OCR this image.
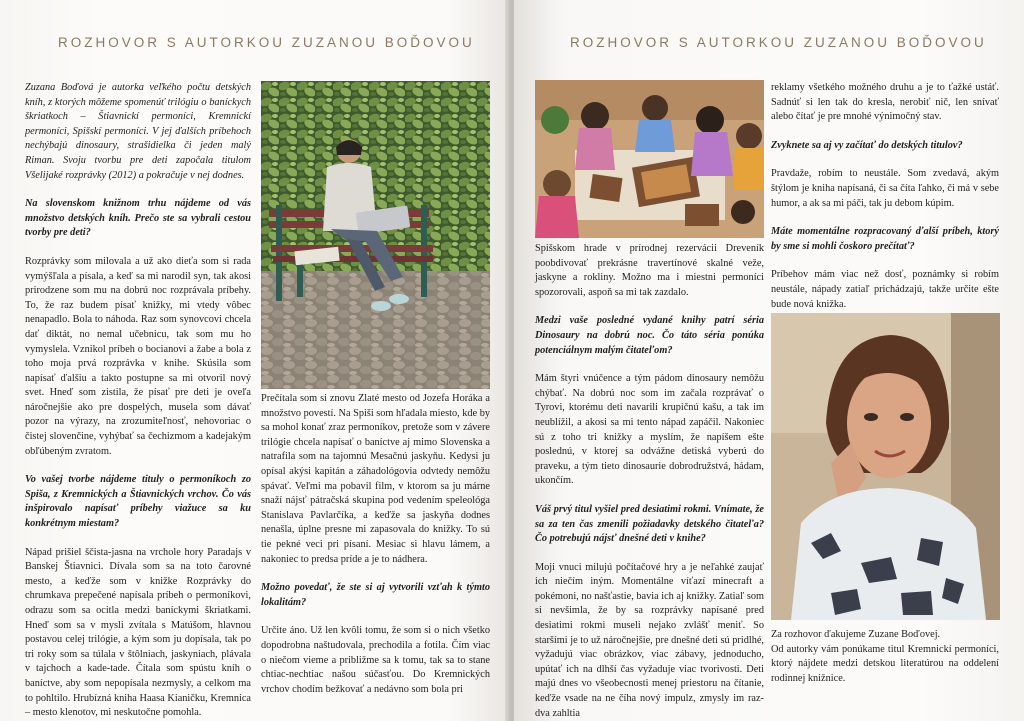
ROZHOVOR S AUTORKOU ZUZANOU BOĎOVOU

Zuzana Boďová je autorka veľkého počtu detských kníh, z ktorých môžeme spomenúť trilógiu o baníckych škriatkoch – Štiavnickí permoníci, Kremnickí permoníci, Spišskí permoníci. V jej ďalších príbehoch nechýbajú dinosaury, strašidielka či jeden malý Riman. Svoju tvorbu pre deti započala titulom Všelijaké rozprávky (2012) a pokračuje v nej dodnes.

Na slovenskom knižnom trhu nájdeme od vás množstvo detských kníh. Prečo ste sa vybrali cestou tvorby pre deti?

Rozprávky som milovala a už ako dieťa som si rada vymýšľala a písala, a keď sa mi narodil syn, tak akosi prirodzene som mu na dobrú noc rozprávala príbehy. To, že raz budem písať knižky, mi vtedy vôbec nenapadlo. Bola to náhoda. Raz som synovcovi chcela dať diktát, no nemal učebnicu, tak som mu ho vymyslela. Vznikol príbeh o bocianovi a žabe a bola z toho moja prvá rozprávka v knihe. Skúsila som napísať ďalšiu a takto postupne sa mi otvoril nový svet. Hneď som zistila, že písať pre deti je oveľa náročnejšie ako pre dospelých, musela som dávať pozor na výrazy, na zrozumiteľnosť, nehovoriac o čistej slovenčine, vyhýbať sa čechizmom a kadejakým obľúbeným zvratom.

Vo vašej tvorbe nájdeme tituly o permoníkoch zo Spiša, z Kremnických a Štiavnických vrchov. Čo vás inšpirovalo napísať príbehy viažuce sa ku konkrétnym miestam?

Nápad prišiel ščista-jasna na vrchole hory Paradajs v Banskej Štiavnici. Dívala som sa na toto čarovné mesto, a keďže som v knižke Rozprávky do chrumkava prepečené napísala príbeh o permoníkovi, odrazu som sa ocitla medzi baníckymi škriatkami. Hneď som sa v mysli zvítala s Matúšom, hlavnou postavou celej trilógie, a kým som ju dopísala, tak po tri roky som sa túlala v štôlniach, jaskyniach, plávala v tajchoch a kade-tade. Čítala som spústu kníh o baníctve, aby som nepopísala nezmysly, a celkom ma to pohltilo. Hrubízná kniha Haasa Kianičku, Kremnica – mesto klenotov, mi neskutočne pomohla.

Prečítala som si znovu Zlaté mesto od Jozefa Horáka a množstvo povestí. Na Spiši som hľadala miesto, kde by sa mohol konať zraz permoníkov, pretože som v závere trilógie chcela napísať o baníctve aj mimo Slovenska a natrafila som na tajomnú Mesačnú jaskyňu. Kedysi ju opísal akýsi kapitán a záhadológovia odvtedy nemôžu spávať. Veľmi ma pobavil film, v ktorom sa ju márne snaží nájsť pátračská skupina pod vedením speleológa Stanislava Pavlarčíka, a keďže sa jaskyňa dodnes nenašla, úplne presne mi zapasovala do knižky. To sú tie pekné veci pri písaní. Mesiac si hlavu lámem, a nakoniec to predsa príde a je to nádhera.

Možno povedať, že ste si aj vytvorili vzťah k týmto lokalitám?

Určite áno. Už len kvôli tomu, že som si o nich všetko dopodrobna naštudovala, prechodila a fotila. Čím viac o niečom vieme a približme sa k tomu, tak sa to stane chtiac-nechtiac našou súčasťou. Do Kremnických vrchov chodím bežkovať a nedávno som bola pri

ROZHOVOR S AUTORKOU ZUZANOU BOĎOVOU

Spišskom hrade v prírodnej rezervácii Dreveník poobdivovať prekrásne travertínové skalné veže, jaskyne a rokliny. Možno ma i miestni permoníci spozorovali, aspoň sa mi tak zazdalo.

Medzi vaše posledné vydané knihy patrí séria Dinosaury na dobrú noc. Čo táto séria ponúka potenciálnym malým čitateľom?

Mám štyri vnúčence a tým pádom dinosaury nemôžu chýbať. Na dobrú noc som im začala rozprávať o Tyrovi, ktorému deti navarili krupičnú kašu, a tak im neublížil, a akosi sa mi tento nápad zapáčil. Nakoniec sú z toho tri knižky a myslím, že napíšem ešte poslednú, v ktorej sa odvážne detiská vyberú do praveku, a tým tieto dinosaurie dobrodružstvá, hádam, ukončím.

Váš prvý titul vyšiel pred desiatimi rokmi. Vnímate, že sa za ten čas zmenili požiadavky detského čitateľa? Čo potrebujú nájsť dnešné deti v knihe?

Moji vnuci milujú počítačové hry a je neľahké zaujať ich niečím iným. Momentálne víťazí minecraft a pokémoni, no našťastie, bavia ich aj knižky. Zatiaľ som si nevšimla, že by sa rozprávky napísané pred desiatimi rokmi museli nejako zvlášť meniť. So staršími je to už náročnejšie, pre dnešné deti sú pridlhé, vyžadujú viac obrázkov, viac zábavy, jednoducho, upútať ich na dlhší čas vyžaduje viac tvorivosti. Deti majú dnes vo všeobecnosti menej priestoru na čítanie, keďže vsade na ne číha nový impulz, zmysly im raz-dva zahltia

reklamy všetkého možného druhu a je to ťažké ustáť. Sadnúť si len tak do kresla, nerobiť nič, len snívať alebo čítať je pre mnohé výnimočný stav.

Zvyknete sa aj vy začítať do detských titulov?

Pravdaže, robím to neustále. Som zvedavá, akým štýlom je kniha napísaná, či sa číta ľahko, či má v sebe humor, a ak sa mi páči, tak ju debom kúpim.

Máte momentálne rozpracovaný ďalší príbeh, ktorý by sme si mohli čoskoro prečítať?

Príbehov mám viac než dosť, poznámky si robím neustále, nápady zatiaľ prichádzajú, takže určite ešte bude nová knižka.

Za rozhovor ďakujeme Zuzane Boďovej.
Od autorky vám ponúkame titul Kremnickí permoníci, ktorý nájdete medzi detskou literatúrou na oddelení rodinnej knižnice.
